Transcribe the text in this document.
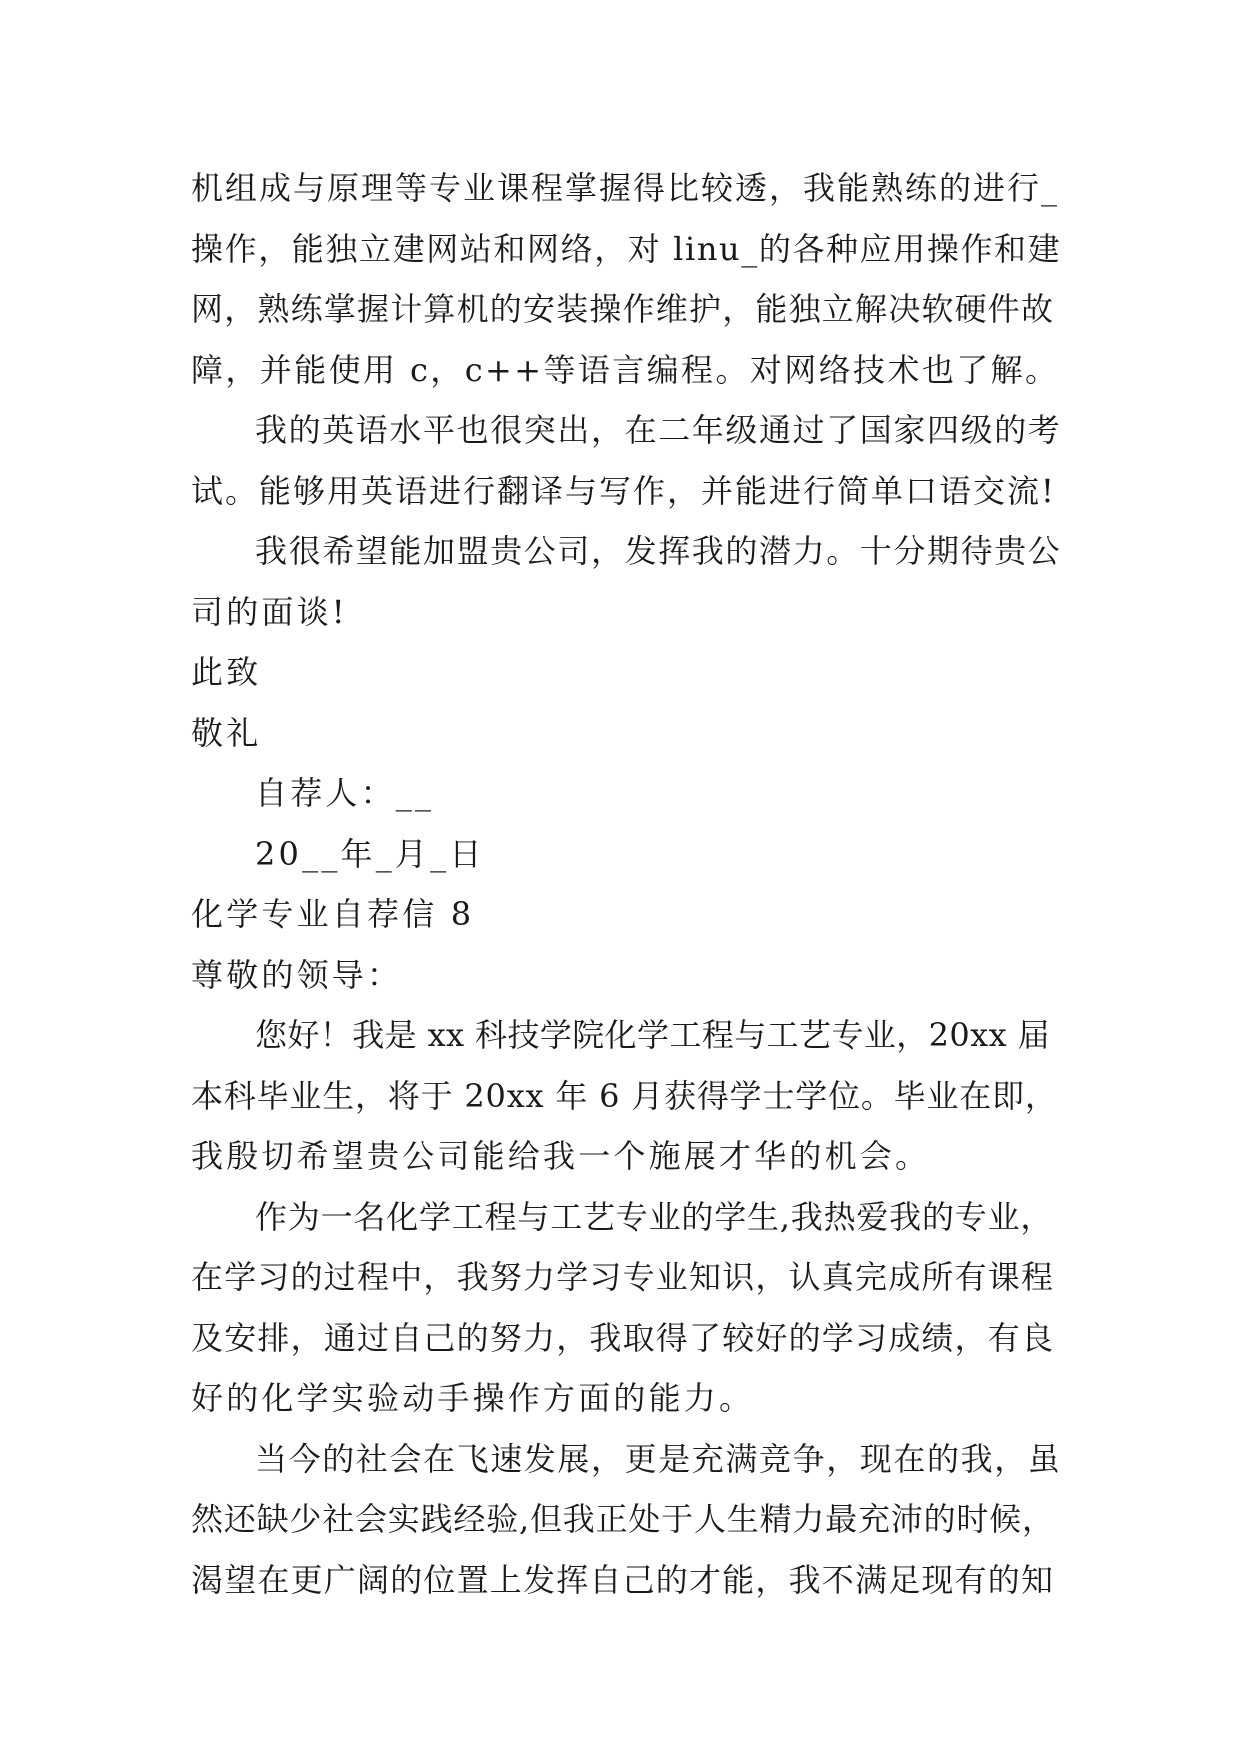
机组成与原理等专业课程掌握得比较透，我能熟练的进行_
操作，能独立建网站和网络，对 linu_的各种应用操作和建
网，熟练掌握计算机的安装操作维护，能独立解决软硬件故
障，并能使用 c，c++等语言编程。对网络技术也了解。
我的英语水平也很突出，在二年级通过了国家四级的考
试。能够用英语进行翻译与写作，并能进行简单口语交流!
我很希望能加盟贵公司，发挥我的潜力。十分期待贵公
司的面谈!
此致
敬礼
自荐人：__
20__年_月_日
化学专业自荐信 8
尊敬的领导：
您好！我是 xx 科技学院化学工程与工艺专业，20xx 届
本科毕业生，将于 20xx 年 6 月获得学士学位。毕业在即，
我殷切希望贵公司能给我一个施展才华的机会。
作为一名化学工程与工艺专业的学生,我热爱我的专业，
在学习的过程中，我努力学习专业知识，认真完成所有课程
及安排，通过自己的努力，我取得了较好的学习成绩，有良
好的化学实验动手操作方面的能力。
当今的社会在飞速发展，更是充满竞争，现在的我，虽
然还缺少社会实践经验,但我正处于人生精力最充沛的时候，
渴望在更广阔的位置上发挥自己的才能，我不满足现有的知
